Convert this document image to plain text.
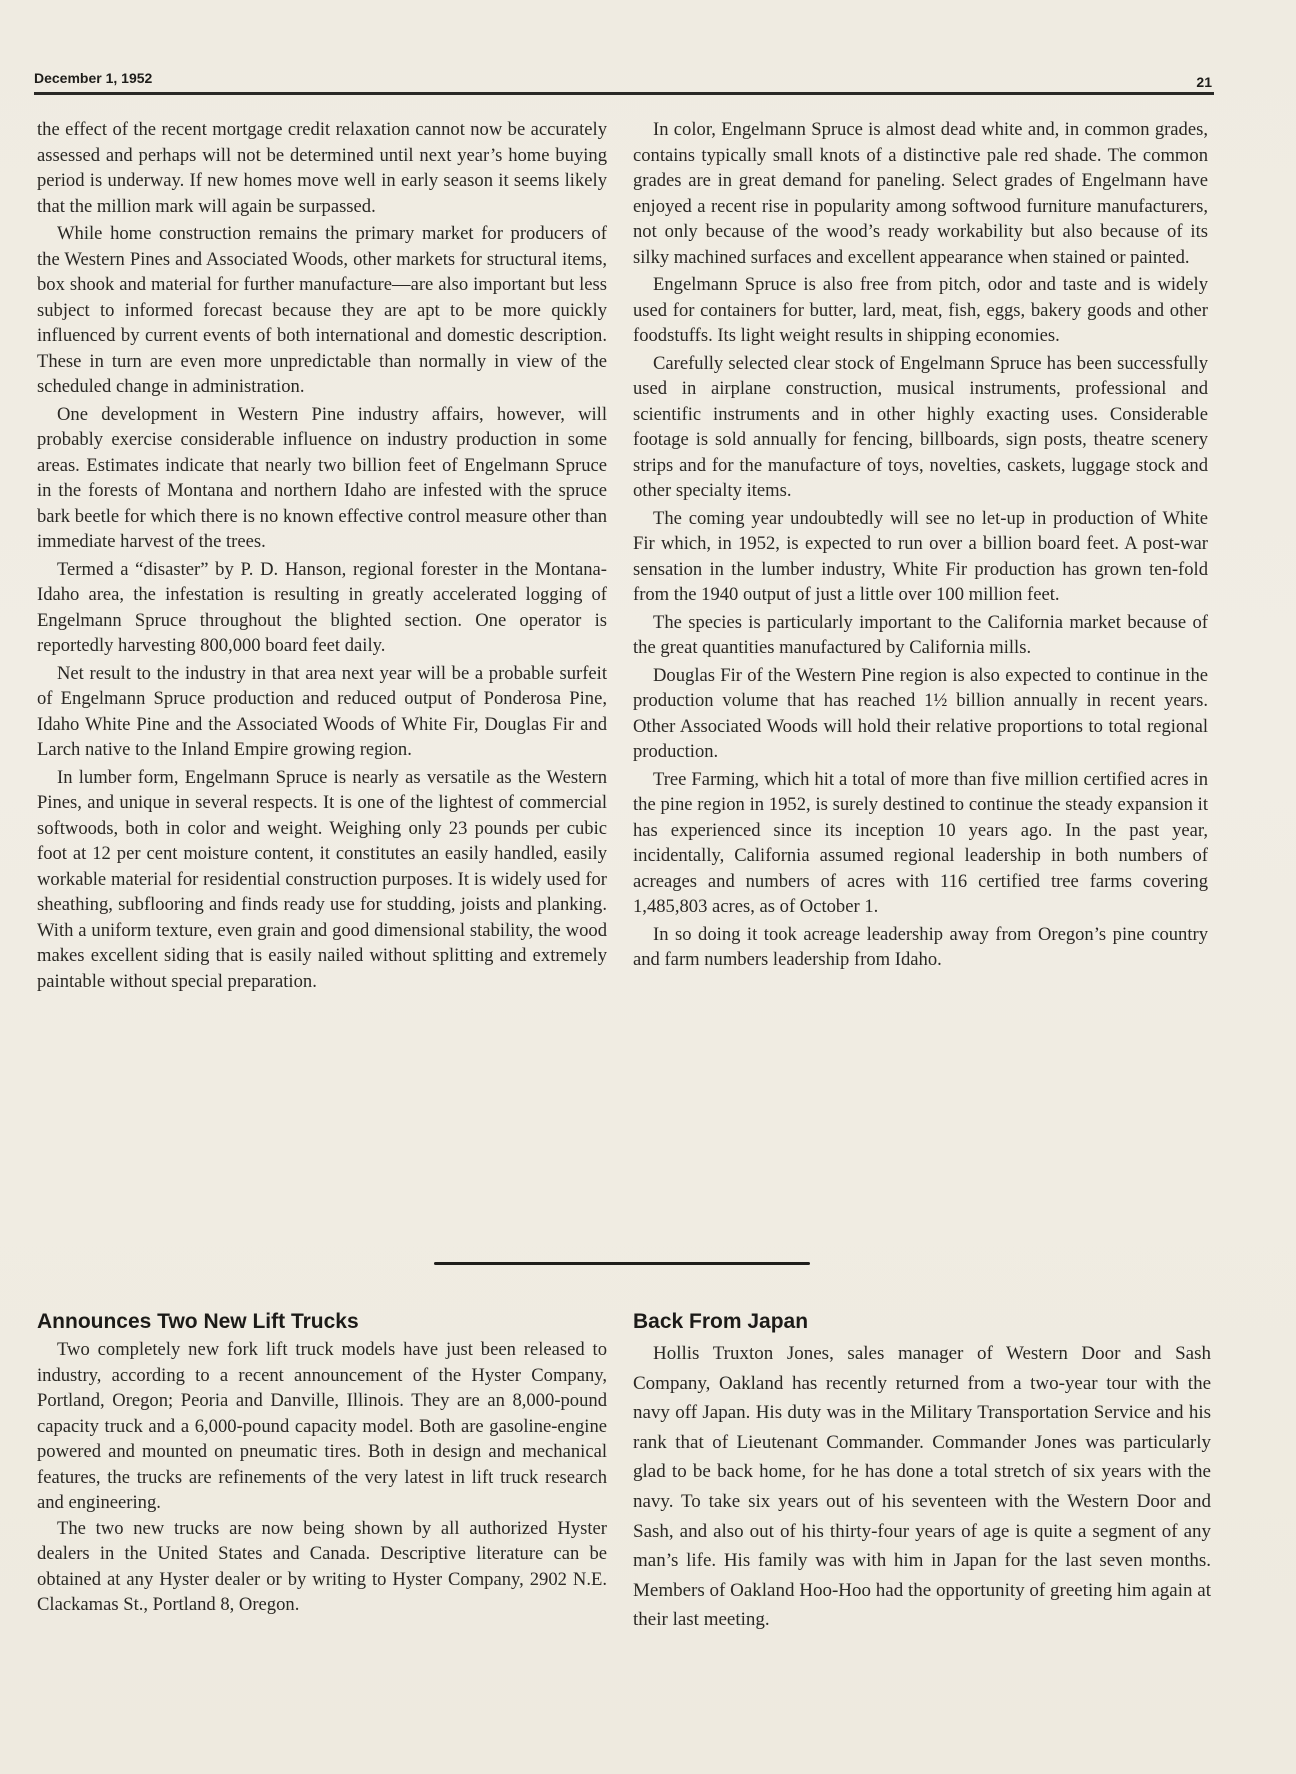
December 1, 1952	21

the effect of the recent mortgage credit relaxation cannot now be accurately assessed and perhaps will not be determined until next year’s home buying period is underway. If new homes move well in early season it seems likely that the million mark will again be surpassed.

While home construction remains the primary market for producers of the Western Pines and Associated Woods, other markets for structural items, box shook and material for further manufacture—are also important but less subject to informed forecast because they are apt to be more quickly influenced by current events of both international and domestic description. These in turn are even more unpredictable than normally in view of the scheduled change in administration.

One development in Western Pine industry affairs, however, will probably exercise considerable influence on industry production in some areas. Estimates indicate that nearly two billion feet of Engelmann Spruce in the forests of Montana and northern Idaho are infested with the spruce bark beetle for which there is no known effective control measure other than immediate harvest of the trees.

Termed a “disaster” by P. D. Hanson, regional forester in the Montana-Idaho area, the infestation is resulting in greatly accelerated logging of Engelmann Spruce throughout the blighted section. One operator is reportedly harvesting 800,000 board feet daily.

Net result to the industry in that area next year will be a probable surfeit of Engelmann Spruce production and reduced output of Ponderosa Pine, Idaho White Pine and the Associated Woods of White Fir, Douglas Fir and Larch native to the Inland Empire growing region.

In lumber form, Engelmann Spruce is nearly as versatile as the Western Pines, and unique in several respects. It is one of the lightest of commercial softwoods, both in color and weight. Weighing only 23 pounds per cubic foot at 12 per cent moisture content, it constitutes an easily handled, easily workable material for residential construction purposes. It is widely used for sheathing, subflooring and finds ready use for studding, joists and planking. With a uniform texture, even grain and good dimensional stability, the wood makes excellent siding that is easily nailed without splitting and extremely paintable without special preparation.

In color, Engelmann Spruce is almost dead white and, in common grades, contains typically small knots of a distinctive pale red shade. The common grades are in great demand for paneling. Select grades of Engelmann have enjoyed a recent rise in popularity among softwood furniture manufacturers, not only because of the wood’s ready workability but also because of its silky machined surfaces and excellent appearance when stained or painted.

Engelmann Spruce is also free from pitch, odor and taste and is widely used for containers for butter, lard, meat, fish, eggs, bakery goods and other foodstuffs. Its light weight results in shipping economies.

Carefully selected clear stock of Engelmann Spruce has been successfully used in airplane construction, musical instruments, professional and scientific instruments and in other highly exacting uses. Considerable footage is sold annually for fencing, billboards, sign posts, theatre scenery strips and for the manufacture of toys, novelties, caskets, luggage stock and other specialty items.

The coming year undoubtedly will see no let-up in production of White Fir which, in 1952, is expected to run over a billion board feet. A post-war sensation in the lumber industry, White Fir production has grown ten-fold from the 1940 output of just a little over 100 million feet.

The species is particularly important to the California market because of the great quantities manufactured by California mills.

Douglas Fir of the Western Pine region is also expected to continue in the production volume that has reached 1½ billion annually in recent years. Other Associated Woods will hold their relative proportions to total regional production.

Tree Farming, which hit a total of more than five million certified acres in the pine region in 1952, is surely destined to continue the steady expansion it has experienced since its inception 10 years ago. In the past year, incidentally, California assumed regional leadership in both numbers of acreages and numbers of acres with 116 certified tree farms covering 1,485,803 acres, as of October 1.

In so doing it took acreage leadership away from Oregon’s pine country and farm numbers leadership from Idaho.

Announces Two New Lift Trucks

Two completely new fork lift truck models have just been released to industry, according to a recent announcement of the Hyster Company, Portland, Oregon; Peoria and Danville, Illinois. They are an 8,000-pound capacity truck and a 6,000-pound capacity model. Both are gasoline-engine powered and mounted on pneumatic tires. Both in design and mechanical features, the trucks are refinements of the very latest in lift truck research and engineering.

The two new trucks are now being shown by all authorized Hyster dealers in the United States and Canada. Descriptive literature can be obtained at any Hyster dealer or by writing to Hyster Company, 2902 N.E. Clackamas St., Portland 8, Oregon.

Back From Japan

Hollis Truxton Jones, sales manager of Western Door and Sash Company, Oakland has recently returned from a two-year tour with the navy off Japan. His duty was in the Military Transportation Service and his rank that of Lieutenant Commander. Commander Jones was particularly glad to be back home, for he has done a total stretch of six years with the navy. To take six years out of his seventeen with the Western Door and Sash, and also out of his thirty-four years of age is quite a segment of any man’s life. His family was with him in Japan for the last seven months. Members of Oakland Hoo-Hoo had the opportunity of greeting him again at their last meeting.
